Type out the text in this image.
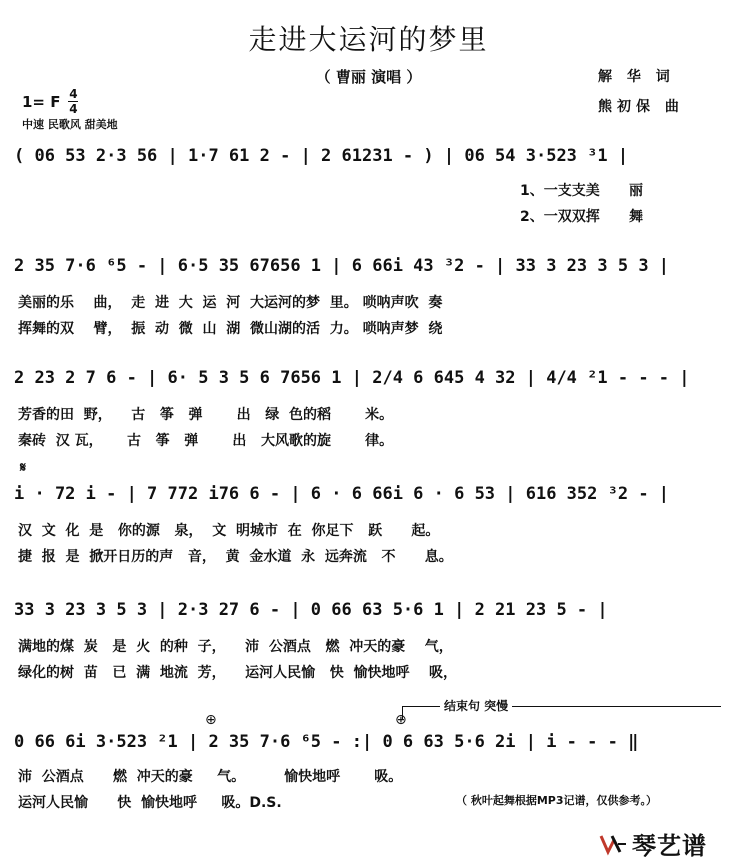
走进大运河的梦里
（ 曹丽 演唱 ）	解 华 词
熊初保 曲
1= F 4
4
中速 民歌风 甜美地
( 06 53 2·3 56 | 1·7 61 2 - | 2 61231 - ) | 06 54 3·523 ³1 |
1、一支支美      丽
2、一双双挥      舞
2 35 7·6 ⁶5 - | 6·5 35 67656 1 | 6 66i 43 ³2 - | 33 3 23 3 5 3 |
美丽的乐    曲，  走  进  大  运  河  大运河的梦  里。 唢呐声吹  奏
挥舞的双    臂，  振  动  微  山  湖  微山湖的活  力。 唢呐声梦  绕
2 23 2 7 6 - | 6· 5 3 5 6 7656 1 | 2/4 6 645 4 32 | 4/4 ²1 - - - |
芳香的田  野，    古   筝   弹       出   绿  色的稻       米。
秦砖  汉 瓦，     古   筝   弹       出   大风歌的旋       律。
𝄋
i · 72 i - | 7 772 i76 6 - | 6 · 6 66i 6 · 6 53 | 616 352 ³2 - |
汉  文  化  是   你的源   泉，  文  明城市  在  你足下   跃      起。
捷  报  是  掀开日历的声   音，  黄  金水道  永  远奔流   不      息。
33 3 23 3 5 3 | 2·3 27 6 - | 0 66 63 5·6 1 | 2 21 23 5 - |
满地的煤  炭   是  火  的种  子，    沛  公酒点   燃  冲天的豪    气，
绿化的树  苗   已  满  地流  芳，    运河人民愉   快  愉快地呼    吸，
结束句 突慢
⊕	⊕
0 66 6i 3·523 ²1 | 2 35 7·6 ⁶5 - :| 0 6 63 5·6 2i | i - - - ‖
沛  公酒点      燃  冲天的豪     气。        愉快地呼       吸。
运河人民愉      快  愉快地呼     吸。D.S.	（ 秋叶起舞根据MP3记谱，仅供参考。）
琴艺谱
